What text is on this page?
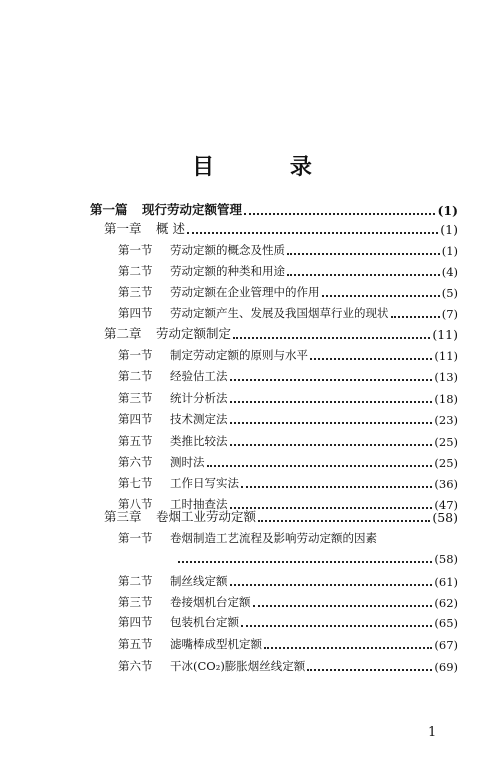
目 录
第一篇	现行劳动定额管理	(1)
第一章	概 述	(1)
第一节	劳动定额的概念及性质	(1)
第二节	劳动定额的种类和用途	(4)
第三节	劳动定额在企业管理中的作用	(5)
第四节	劳动定额产生、发展及我国烟草行业的现状	(7)
第二章	劳动定额制定	(11)
第一节	制定劳动定额的原则与水平	(11)
第二节	经验估工法	(13)
第三节	统计分析法	(18)
第四节	技术测定法	(23)
第五节	类推比较法	(25)
第六节	测时法	(25)
第七节	工作日写实法	(36)
第八节	工时抽查法	(47)
第三章	卷烟工业劳动定额	(58)
第一节	卷烟制造工艺流程及影响劳动定额的因素
(58)
第二节	制丝线定额	(61)
第三节	卷接烟机台定额	(62)
第四节	包装机台定额	(65)
第五节	滤嘴棒成型机定额	(67)
第六节	干冰(CO₂)膨胀烟丝线定额	(69)
1
